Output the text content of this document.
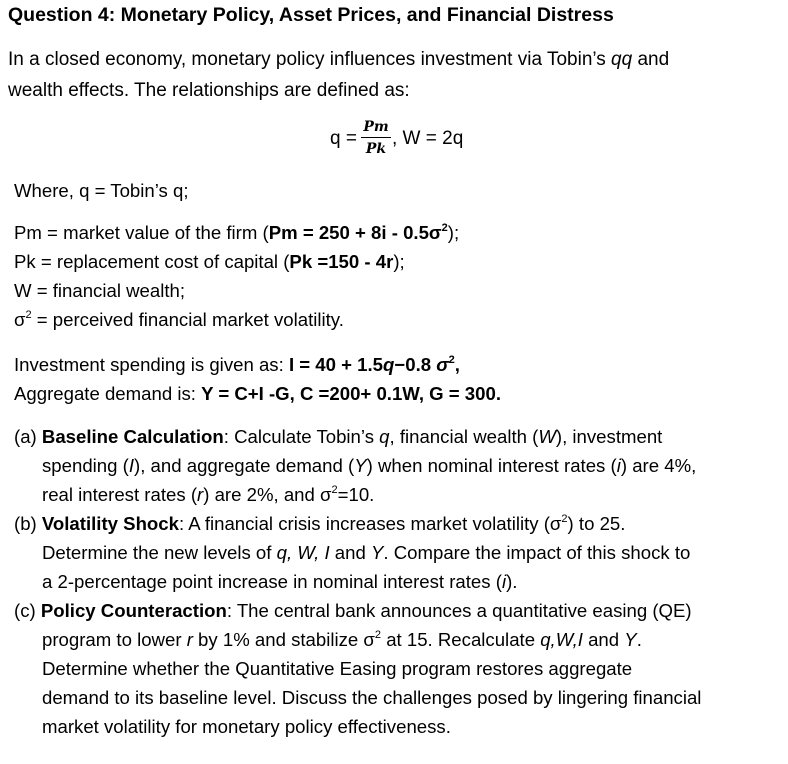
Question 4: Monetary Policy, Asset Prices, and Financial Distress
In a closed economy, monetary policy influences investment via Tobin’s qq and
wealth effects. The relationships are defined as:
q =
Pm
Pk , W = 2q
Where, q = Tobin’s q;
Pm = market value of the firm $(Pm = 250 + 8i - 0.5\sigma^2)$;
Pk = replacement cost of capital (Pk =150 - 4r);
W = financial wealth;
$\sigma^2$ = perceived financial market volatility.
Investment spending is given as: I = 40 + 1.5q−0.8 $\sigma^2$,
Aggregate demand is: Y = C+I -G, C =200+ 0.1W, G = 300.
(a) Baseline Calculation: Calculate Tobin’s q, financial wealth (W), investment
spending (I), and aggregate demand (Y) when nominal interest rates (i) are 4%,
real interest rates (r) are 2%, and $\sigma^2=10$.
(b) Volatility Shock: A financial crisis increases market volatility $(\sigma^2)$ to 25.
Determine the new levels of q, W, I and Y. Compare the impact of this shock to
a 2-percentage point increase in nominal interest rates (i).
(c) Policy Counteraction: The central bank announces a quantitative easing (QE)
program to lower r by 1% and stabilize $\sigma^2$ at 15. Recalculate q,W,I and Y.
Determine whether the Quantitative Easing program restores aggregate
demand to its baseline level. Discuss the challenges posed by lingering financial
market volatility for monetary policy effectiveness.
